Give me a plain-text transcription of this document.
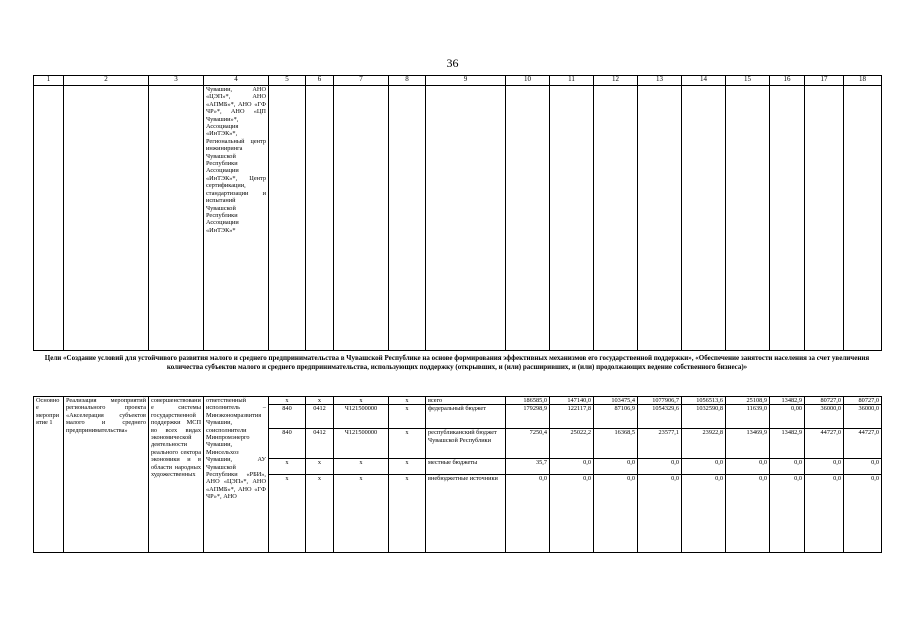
36
1	2	3	4	5	6	7	8	9	10	11	12	13	14	15	16	17	18
			Чувашии, АНО «ЦЭП»*, АНО «АПМБ»*, АНО «ГФ ЧР»*, АНО «ЦП Чувашии»*, Ассоциация «ИнТЭК»*, Региональный центр инжиниринга Чувашской Республики Ассоциации «ИнТЭК»*, Центр сертификации, стандартизации и испытаний Чувашской Республики Ассоциации «ИнТЭК»*														
Цели «Создание условий для устойчивого развития малого и среднего предпринимательства в Чувашской Республике на основе формирования эффективных механизмов его государственной поддержки», «Обеспечение занятости населения за счет увеличения количества субъектов малого и среднего предпринимательства, использующих поддержку (открывших, и (или) расширивших, и (или) продолжающих ведение собственного бизнеса)»
Основное мероприятие 1	Реализация мероприятий регионального проекта «Акселерация субъектов малого и среднего предпринимательства»	совершенствование системы государственной поддержки МСП во всех видах экономической деятельности реального сектора экономики и в области народных художественных	ответственный исполнитель – Минэкономразвития Чувашии, соисполнители Минпромэнерго Чувашии, Минсельхоз Чувашии, АУ Чувашской Республики «РБИ», АНО «ЦЭП»*, АНО «АПМБ»*, АНО «ГФ ЧР»*, АНО	x	x	x	x	всего	186585,0	147140,0	103475,4	1077906,7	1056513,6	25108,9	13482,9	80727,0	80727,0
				840	0412	Ч121500000	x	федеральный бюджет	179298,9	122117,8	87106,9	1054329,6	1032590,8	11639,0	0,00	36000,0	36000,0
				840	0412	Ч121500000	x	республиканский бюджет Чувашской Республики	7250,4	25022,2	16368,5	23577,1	23922,8	13469,9	13482,9	44727,0	44727,0
				x	x	x	x	местные бюджеты	35,7	0,0	0,0	0,0	0,0	0,0	0,0	0,0	0,0
				x	x	x	x	внебюджетные источники	0,0	0,0	0,0	0,0	0,0	0,0	0,0	0,0	0,0
